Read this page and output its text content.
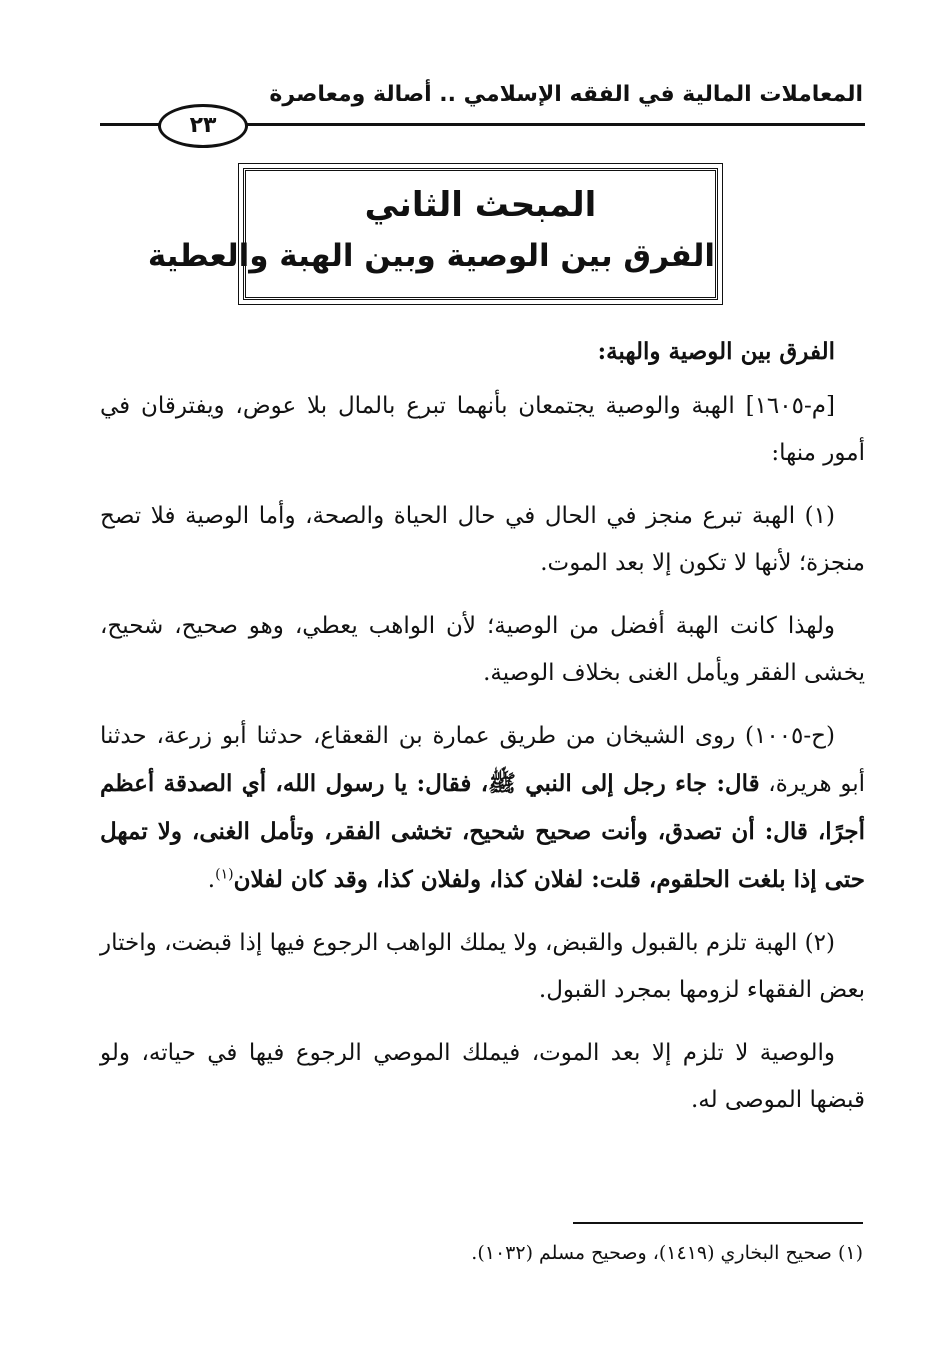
المعاملات المالية في الفقه الإسلامي .. أصالة ومعاصرة
٢٣
المبحث الثاني
الفرق بين الوصية وبين الهبة والعطية

الفرق بين الوصية والهبة:

[م-١٦٠٥] الهبة والوصية يجتمعان بأنهما تبرع بالمال بلا عوض، ويفترقان في أمور منها:

(١) الهبة تبرع منجز في الحال في حال الحياة والصحة، وأما الوصية فلا تصح منجزة؛ لأنها لا تكون إلا بعد الموت.

ولهذا كانت الهبة أفضل من الوصية؛ لأن الواهب يعطي، وهو صحيح، شحيح، يخشى الفقر ويأمل الغنى بخلاف الوصية.

(ح-١٠٠٥) روى الشيخان من طريق عمارة بن القعقاع، حدثنا أبو زرعة، حدثنا أبو هريرة، قال: جاء رجل إلى النبي ﷺ، فقال: يا رسول الله، أي الصدقة أعظم أجرًا، قال: أن تصدق، وأنت صحيح شحيح، تخشى الفقر، وتأمل الغنى، ولا تمهل حتى إذا بلغت الحلقوم، قلت: لفلان كذا، ولفلان كذا، وقد كان لفلان$^{(١)}$.

(٢) الهبة تلزم بالقبول والقبض، ولا يملك الواهب الرجوع فيها إذا قبضت، واختار بعض الفقهاء لزومها بمجرد القبول.

والوصية لا تلزم إلا بعد الموت، فيملك الموصي الرجوع فيها في حياته، ولو قبضها الموصى له.

(١) صحيح البخاري (١٤١٩)، وصحيح مسلم (١٠٣٢).
